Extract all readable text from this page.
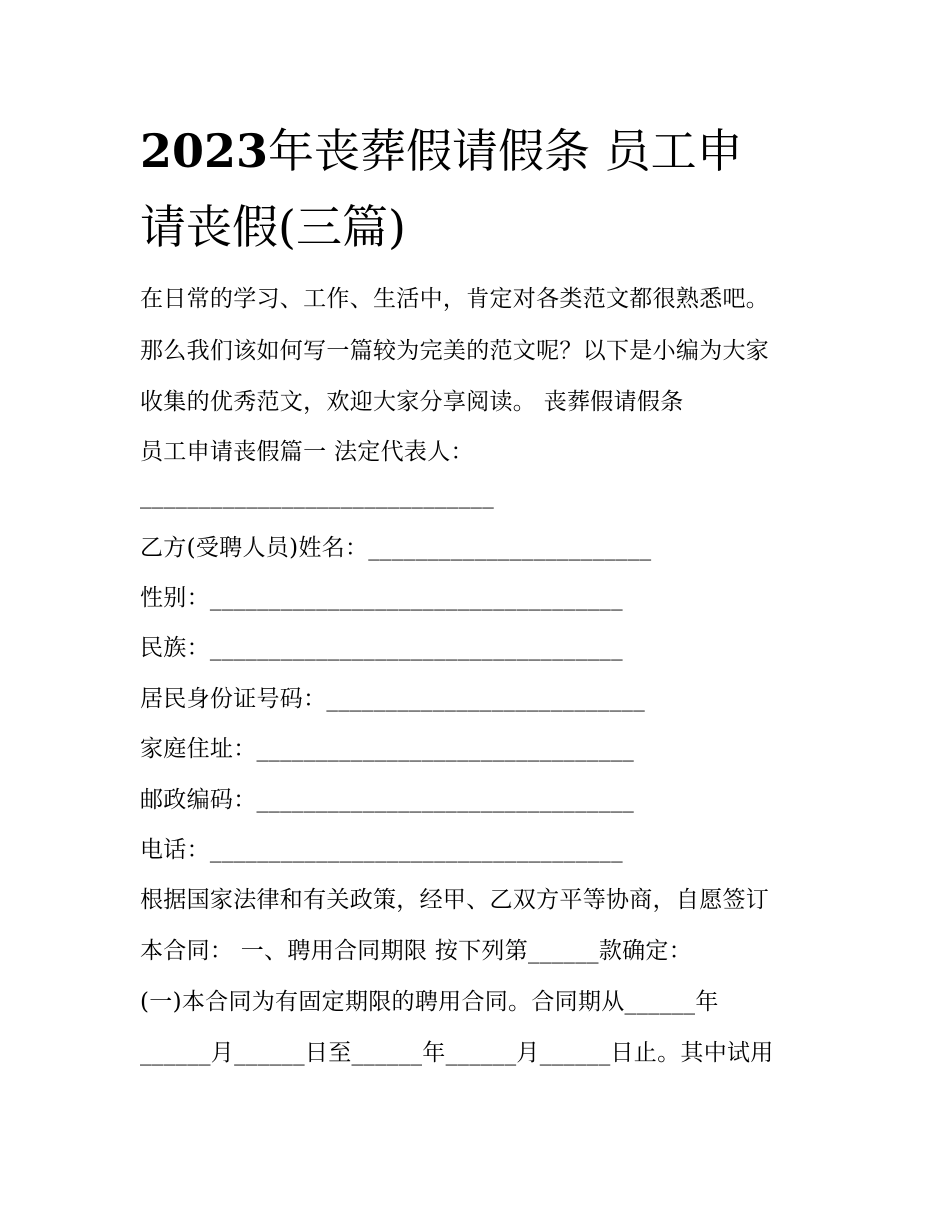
2023年丧葬假请假条 员工申
请丧假(三篇)
在日常的学习、工作、生活中，肯定对各类范文都很熟悉吧。
那么我们该如何写一篇较为完美的范文呢？以下是小编为大家
收集的优秀范文，欢迎大家分享阅读。 丧葬假请假条
员工申请丧假篇一 法定代表人：
______________________________
乙方(受聘人员)姓名：________________________
性别：___________________________________
民族：___________________________________
居民身份证号码：___________________________
家庭住址：________________________________
邮政编码：________________________________
电话：___________________________________
根据国家法律和有关政策，经甲、乙双方平等协商，自愿签订
本合同： 一、聘用合同期限 按下列第______款确定：
(一)本合同为有固定期限的聘用合同。合同期从______年
______月______日至______年______月______日止。其中试用
